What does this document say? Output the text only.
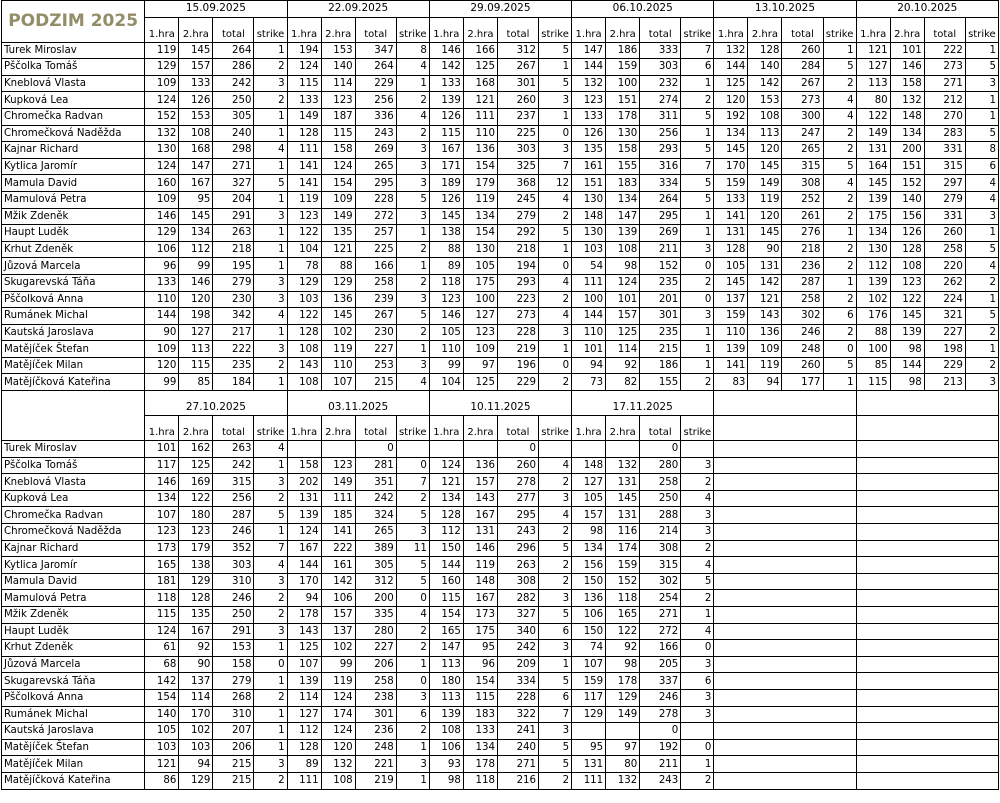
PODZIM 2025	15.09.2025				22.09.2025				29.09.2025				06.10.2025				13.10.2025				20.10.2025			
	1.hra	2.hra	total	strike	1.hra	2.hra	total	strike	1.hra	2.hra	total	strike	1.hra	2.hra	total	strike	1.hra	2.hra	total	strike	1.hra	2.hra	total	strike
Turek Miroslav	119	145	264	1	194	153	347	8	146	166	312	5	147	186	333	7	132	128	260	1	121	101	222	1
Pščolka Tomáš	129	157	286	2	124	140	264	4	142	125	267	1	144	159	303	6	144	140	284	5	127	146	273	5
Kneblová Vlasta	109	133	242	3	115	114	229	1	133	168	301	5	132	100	232	1	125	142	267	2	113	158	271	3
Kupková Lea	124	126	250	2	133	123	256	2	139	121	260	3	123	151	274	2	120	153	273	4	80	132	212	1
Chromečka Radvan	152	153	305	1	149	187	336	4	126	111	237	1	133	178	311	5	192	108	300	4	122	148	270	1
Chromečková Naděžda	132	108	240	1	128	115	243	2	115	110	225	0	126	130	256	1	134	113	247	2	149	134	283	5
Kajnar Richard	130	168	298	4	111	158	269	3	167	136	303	3	135	158	293	5	145	120	265	2	131	200	331	8
Kytlica Jaromír	124	147	271	1	141	124	265	3	171	154	325	7	161	155	316	7	170	145	315	5	164	151	315	6
Mamula David	160	167	327	5	141	154	295	3	189	179	368	12	151	183	334	5	159	149	308	4	145	152	297	4
Mamulová Petra	109	95	204	1	119	109	228	5	126	119	245	4	130	134	264	5	133	119	252	2	139	140	279	4
Mžik Zdeněk	146	145	291	3	123	149	272	3	145	134	279	2	148	147	295	1	141	120	261	2	175	156	331	3
Haupt Luděk	129	134	263	1	122	135	257	1	138	154	292	5	130	139	269	1	131	145	276	1	134	126	260	1
Krhut Zdeněk	106	112	218	1	104	121	225	2	88	130	218	1	103	108	211	3	128	90	218	2	130	128	258	5
Jůzová Marcela	96	99	195	1	78	88	166	1	89	105	194	0	54	98	152	0	105	131	236	2	112	108	220	4
Skugarevská Táňa	133	146	279	3	129	129	258	2	118	175	293	4	111	124	235	2	145	142	287	1	139	123	262	2
Pščolková Anna	110	120	230	3	103	136	239	3	123	100	223	2	100	101	201	0	137	121	258	2	102	122	224	1
Rumánek Michal	144	198	342	4	122	145	267	5	146	127	273	4	144	157	301	3	159	143	302	6	176	145	321	5
Kautská Jaroslava	90	127	217	1	128	102	230	2	105	123	228	3	110	125	235	1	110	136	246	2	88	139	227	2
Matějíček Štefan	109	113	222	3	108	119	227	1	110	109	219	1	101	114	215	1	139	109	248	0	100	98	198	1
Matějíček Milan	120	115	235	2	143	110	253	3	99	97	196	0	94	92	186	1	141	119	260	5	85	144	229	2
Matějíčková Kateřina	99	85	184	1	108	107	215	4	104	125	229	2	73	82	155	2	83	94	177	1	115	98	213	3
	27.10.2025				03.11.2025				10.11.2025				17.11.2025											
	1.hra	2.hra	total	strike	1.hra	2.hra	total	strike	1.hra	2.hra	total	strike	1.hra	2.hra	total	strike								
Turek Miroslav	101	162	263	4			0				0				0									
Pščolka Tomáš	117	125	242	1	158	123	281	0	124	136	260	4	148	132	280	3								
Kneblová Vlasta	146	169	315	3	202	149	351	7	121	157	278	2	127	131	258	2								
Kupková Lea	134	122	256	2	131	111	242	2	134	143	277	3	105	145	250	4								
Chromečka Radvan	107	180	287	5	139	185	324	5	128	167	295	4	157	131	288	3								
Chromečková Naděžda	123	123	246	1	124	141	265	3	112	131	243	2	98	116	214	3								
Kajnar Richard	173	179	352	7	167	222	389	11	150	146	296	5	134	174	308	2								
Kytlica Jaromír	165	138	303	4	144	161	305	5	144	119	263	2	156	159	315	4								
Mamula David	181	129	310	3	170	142	312	5	160	148	308	2	150	152	302	5								
Mamulová Petra	118	128	246	2	94	106	200	0	115	167	282	3	136	118	254	2								
Mžik Zdeněk	115	135	250	2	178	157	335	4	154	173	327	5	106	165	271	1								
Haupt Luděk	124	167	291	3	143	137	280	2	165	175	340	6	150	122	272	4								
Krhut Zdeněk	61	92	153	1	125	102	227	2	147	95	242	3	74	92	166	0								
Jůzová Marcela	68	90	158	0	107	99	206	1	113	96	209	1	107	98	205	3								
Skugarevská Táňa	142	137	279	1	139	119	258	0	180	154	334	5	159	178	337	6								
Pščolková Anna	154	114	268	2	114	124	238	3	113	115	228	6	117	129	246	3								
Rumánek Michal	140	170	310	1	127	174	301	6	139	183	322	7	129	149	278	3								
Kautská Jaroslava	105	102	207	1	112	124	236	2	108	133	241	3			0									
Matějíček Štefan	103	103	206	1	128	120	248	1	106	134	240	5	95	97	192	0								
Matějíček Milan	121	94	215	3	89	132	221	3	93	178	271	5	131	80	211	1								
Matějíčková Kateřina	86	129	215	2	111	108	219	1	98	118	216	2	111	132	243	2								
